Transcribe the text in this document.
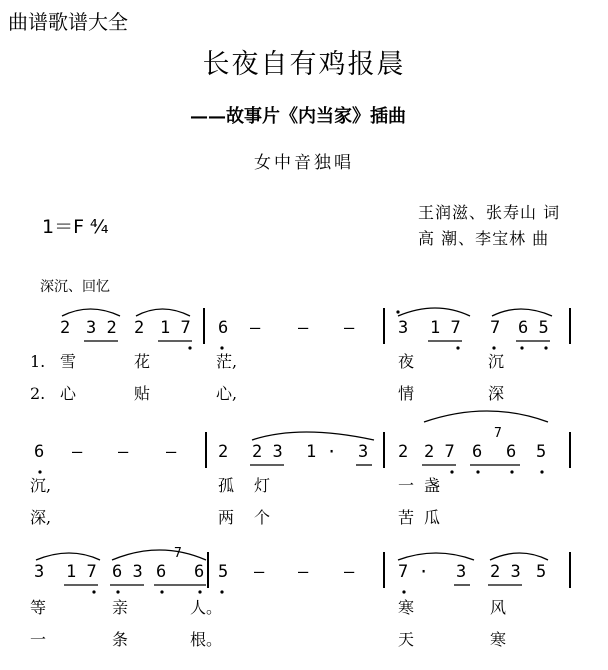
曲谱歌谱大全
长夜自有鸡报晨
——故事片《内当家》插曲
女中音独唱
1＝F ⁴⁄₄
王润滋、张寿山 词
高 潮、李宝林 曲
深沉、回忆
2 3 2 2 1 7 6 — — —	3 1 7 7 6 5
1. 雪	花	茫,	夜	沉
2. 心	贴	心,	情	深
6 — — — 2 2 3 1 · 3 2 2 7 6
7
6 5
沉,	孤 灯	一 盏
深,	两 个	苦 瓜
3 1 7 6 3 6
7
6 5 — — —	7 · 3 2 3 5
等	亲	人。	寒	风
一	条	根。	天	寒
